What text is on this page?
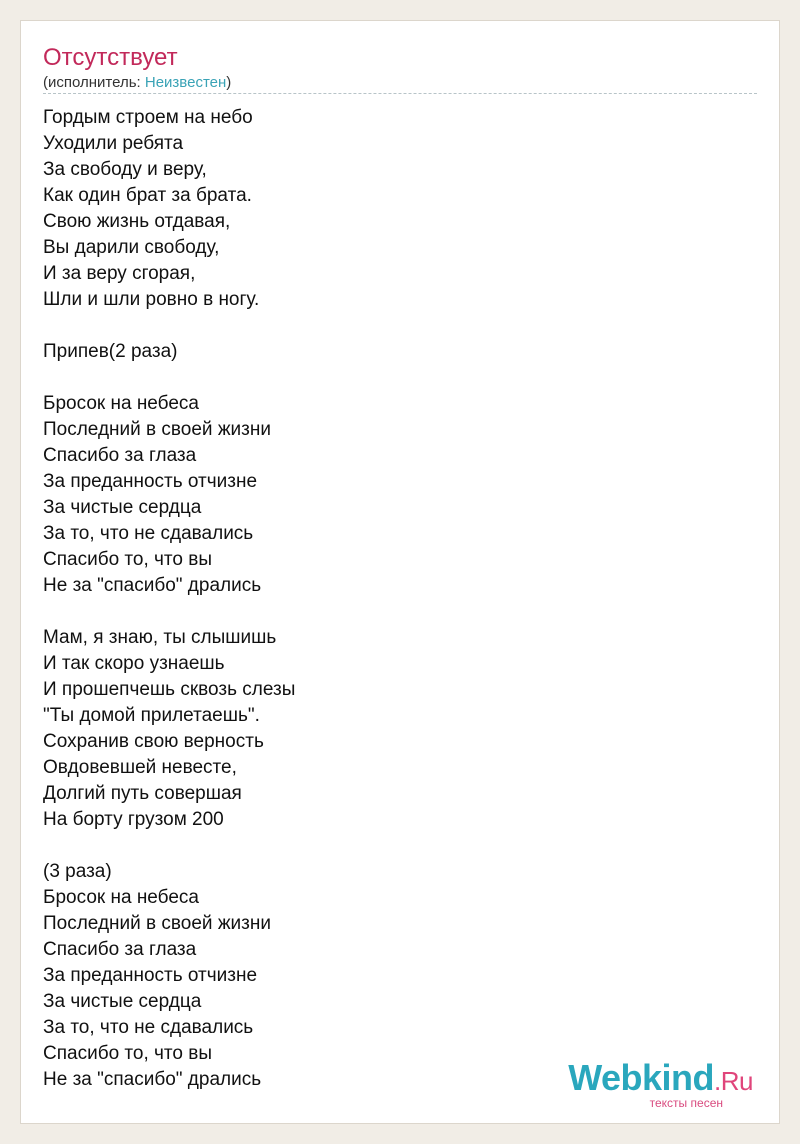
Отсутствует
(исполнитель: Неизвестен)
Гордым строем на небо
Уходили ребята
За свободу и веру,
Как один брат за брата.
Свою жизнь отдавая,
Вы дарили свободу,
И за веру сгорая,
Шли и шли ровно в ногу.
Припев(2 раза)
Бросок на небеса
Последний в своей жизни
Спасибо за глаза
За преданность отчизне
За чистые сердца
За то, что не сдавались
Спасибо то, что вы
Не за "спасибо" дрались
Мам, я знаю, ты слышишь
И так скоро узнаешь
И прошепчешь сквозь слезы
"Ты домой прилетаешь".
Сохранив свою верность
Овдовевшей невесте,
Долгий путь совершая
На борту грузом 200
(3 раза)
Бросок на небеса
Последний в своей жизни
Спасибо за глаза
За преданность отчизне
За чистые сердца
За то, что не сдавались
Спасибо то, что вы
Не за "спасибо" дрались	Webkind.Ru
тексты песен
